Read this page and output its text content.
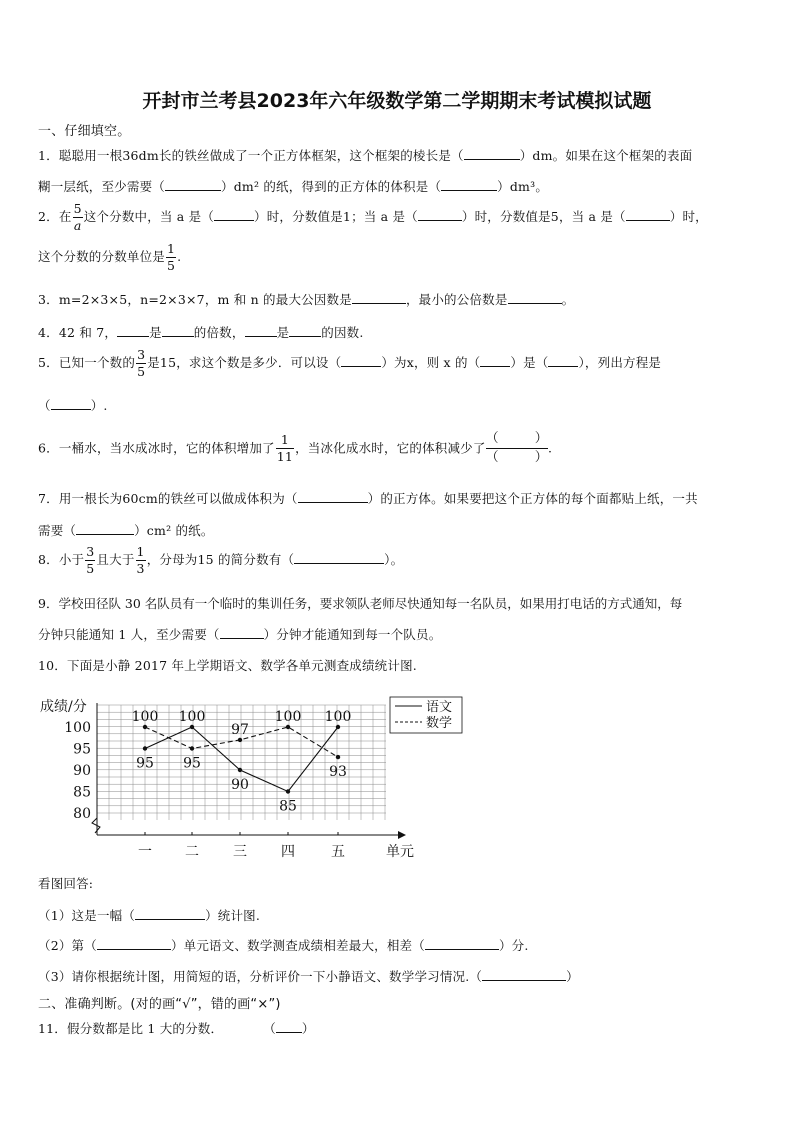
开封市兰考县2023年六年级数学第二学期期末考试模拟试题
一、仔细填空。
1．聪聪用一根36dm长的铁丝做成了一个正方体框架，这个框架的棱长是（	）dm。如果在这个框架的表面
糊一层纸，至少需要（	）dm² 的纸，得到的正方体的体积是（	）dm³。
2．在 $\frac{5}{a}$ 这个分数中，当 a 是（	）时，分数值是1；当 a 是（	）时，分数值是5，当 a 是（	）时，
这个分数的分数单位是 $\frac{1}{5}$ .
3．m=2×3×5，n=2×3×7，m 和 n 的最大公因数是	，最小的公倍数是	。
4．42 和 7，	是	的倍数，	是	的因数.
5．已知一个数的 $\frac{3}{5}$ 是15，求这个数是多少．可以设（	）为x，则 x 的（ ）是（ ），列出方程是
（	）.
6．一桶水，当水成冰时，它的体积增加了 $\frac{1}{11}$ ，当冰化成水时，它的体积减少了 （	）
（	） .
7．用一根长为60cm的铁丝可以做成体积为（	）的正方体。如果要把这个正方体的每个面都贴上纸，一共
需要（	）cm² 的纸。
8．小于 $\frac{3}{5}$ 且大于 $\frac{1}{3}$ ，分母为15 的简分数有（	）。
9．学校田径队 30 名队员有一个临时的集训任务，要求领队老师尽快通知每一名队员，如果用打电话的方式通知，每
分钟只能通知 1 人，至少需要（	）分钟才能通知到每一个队员。
10．下面是小静 2017 年上学期语文、数学各单元测查成绩统计图.
100
95
90
85
80
一 二 三 四	五
95
100
90
85
100
100
95
97
100
93
语文
数学
成绩/分
单元
看图回答:
（1）这是一幅（	）统计图.
（2）第（	）单元语文、数学测查成绩相差最大，相差（	）分.
（3）请你根据统计图，用简短的语，分析评价一下小静语文、数学学习情况.（	）
二、准确判断。(对的画“√”，错的画“×”)
11．假分数都是比 1 大的分数．	（ ）
